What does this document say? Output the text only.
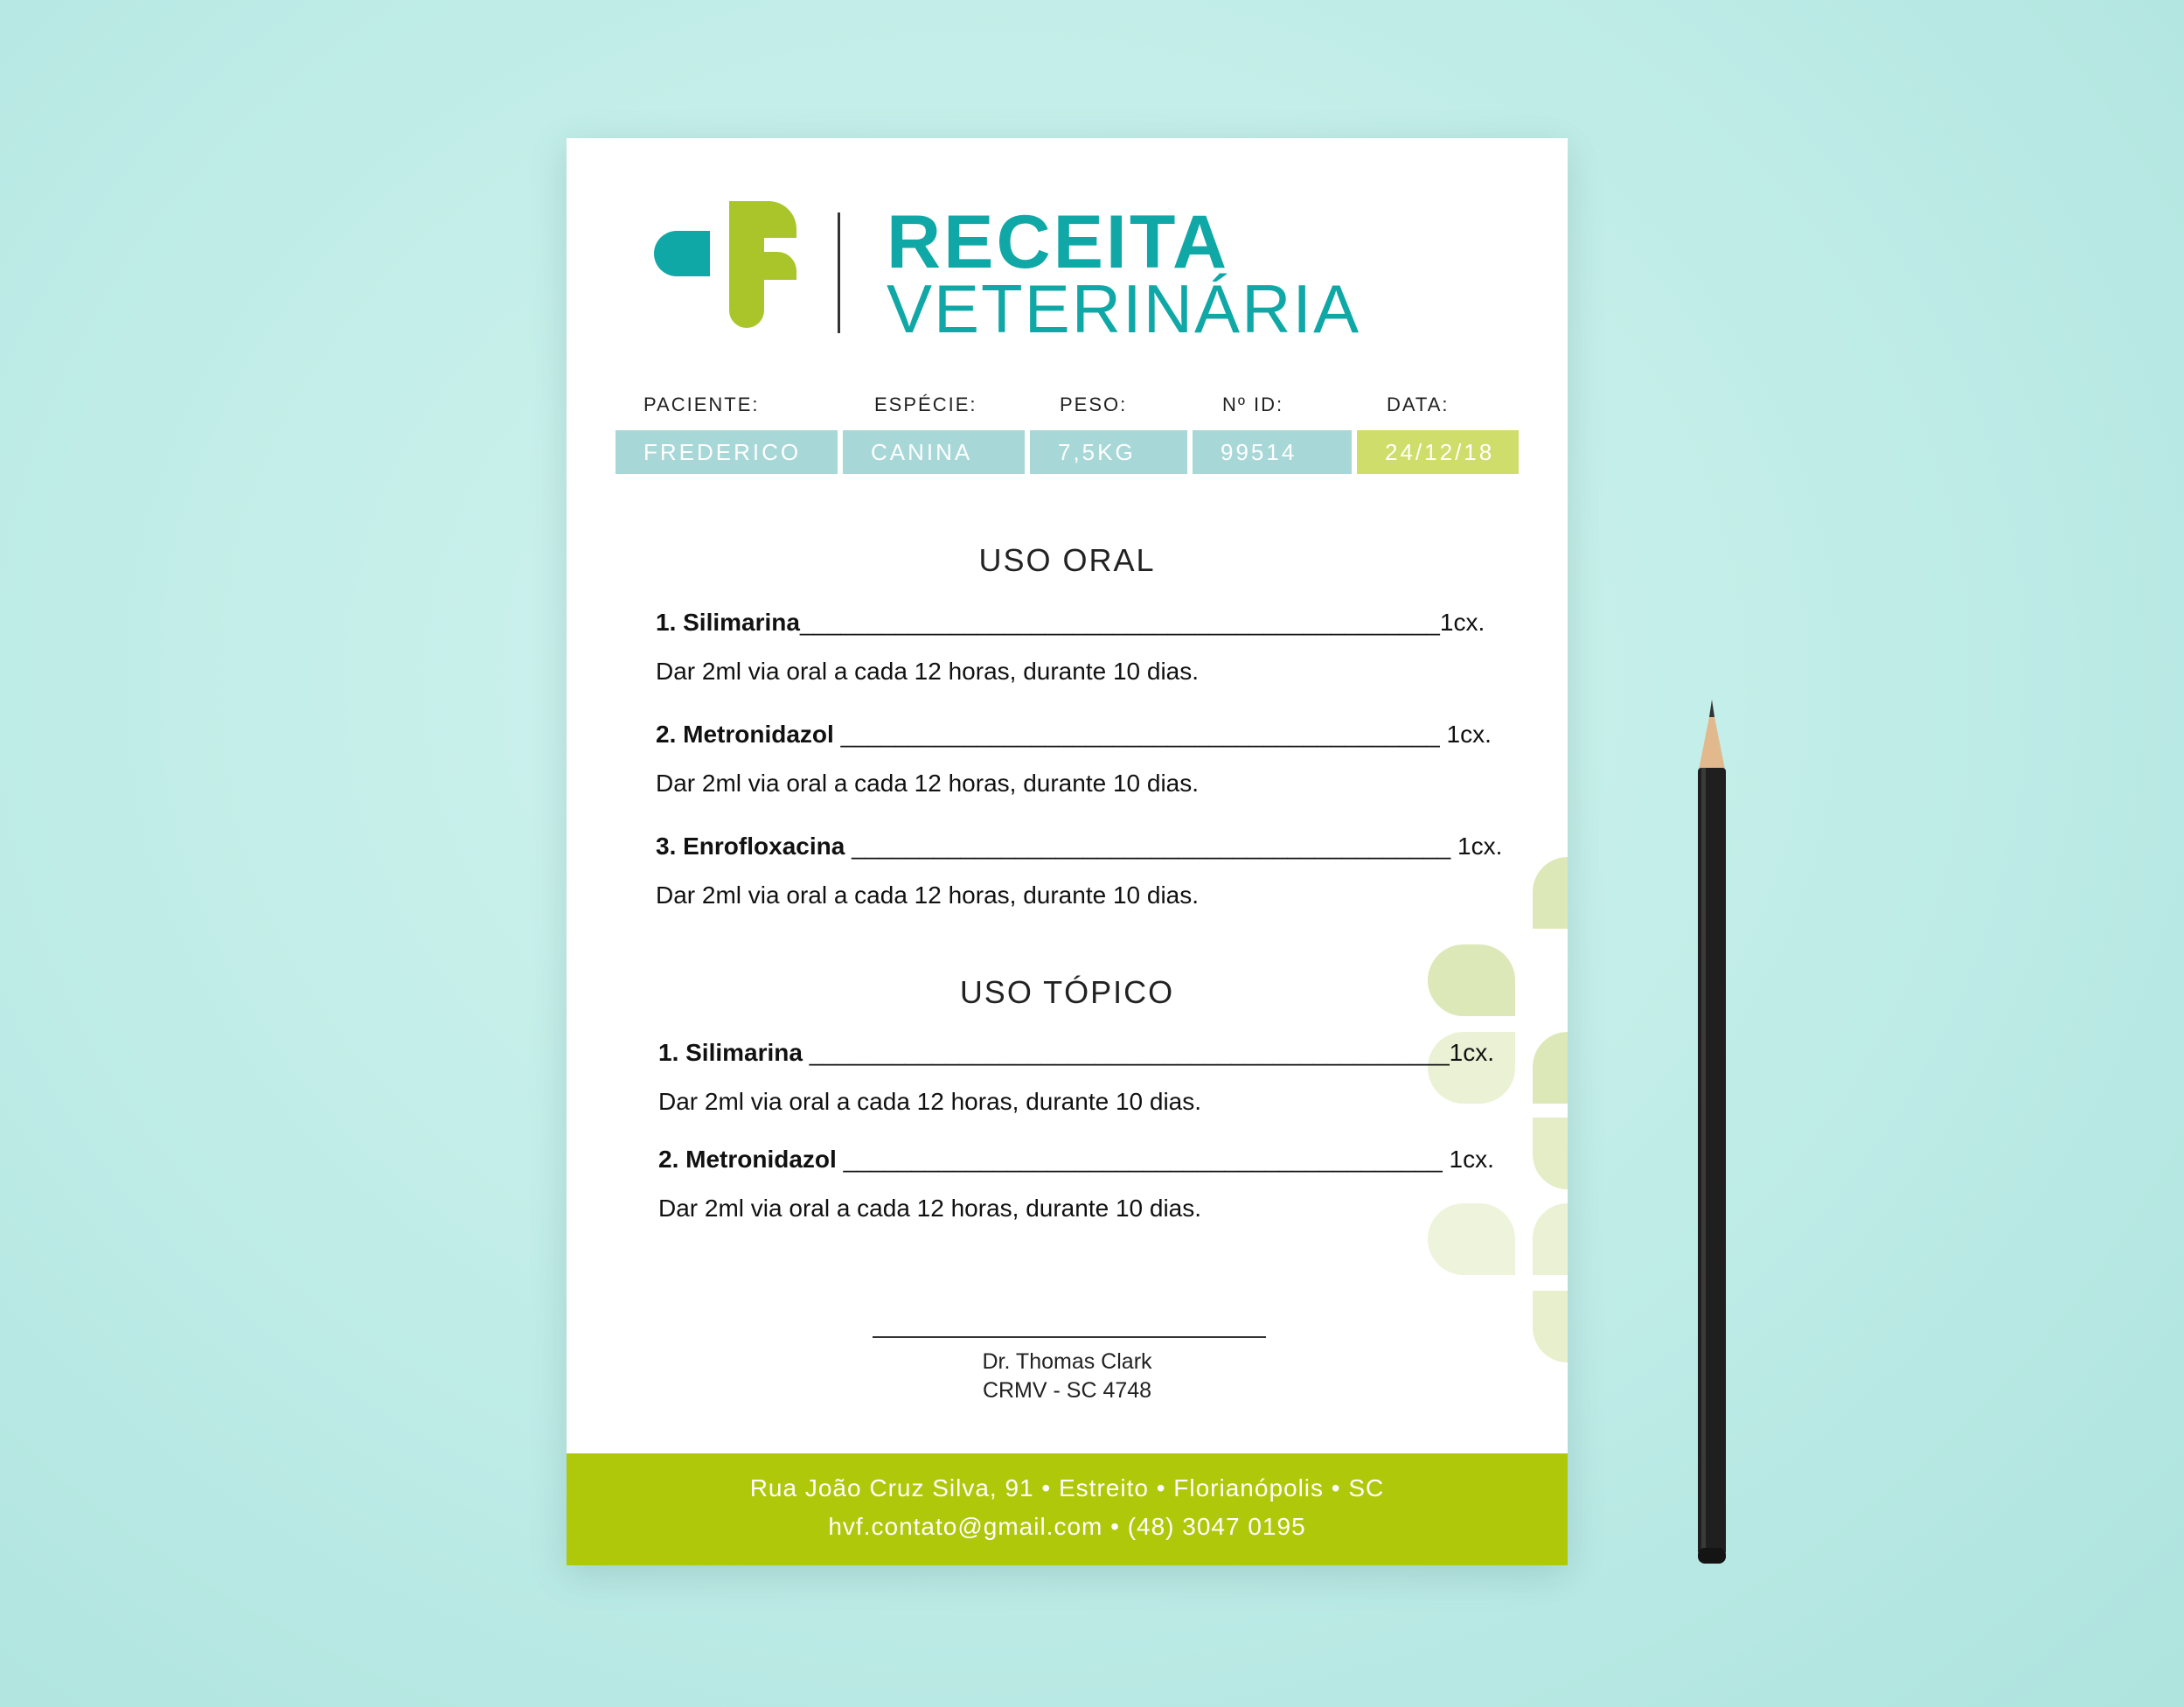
RECEITA
VETERINÁRIA
PACIENTE:	ESPÉCIE:	PESO:	Nº ID:	DATA:
FREDERICO	CANINA	7,5KG	99514	24/12/18
USO ORAL
1. Silimarina_______________________________________________1cx.
Dar 2ml via oral a cada 12 horas, durante 10 dias.
2. Metronidazol ____________________________________________ 1cx.
Dar 2ml via oral a cada 12 horas, durante 10 dias.
3. Enrofloxacina ____________________________________________ 1cx.
Dar 2ml via oral a cada 12 horas, durante 10 dias.
USO TÓPICO
1. Silimarina _______________________________________________1cx.
Dar 2ml via oral a cada 12 horas, durante 10 dias.
2. Metronidazol ____________________________________________ 1cx.
Dar 2ml via oral a cada 12 horas, durante 10 dias.
Dr. Thomas Clark
CRMV - SC 4748
Rua João Cruz Silva, 91 • Estreito • Florianópolis • SC
hvf.contato@gmail.com • (48) 3047 0195
